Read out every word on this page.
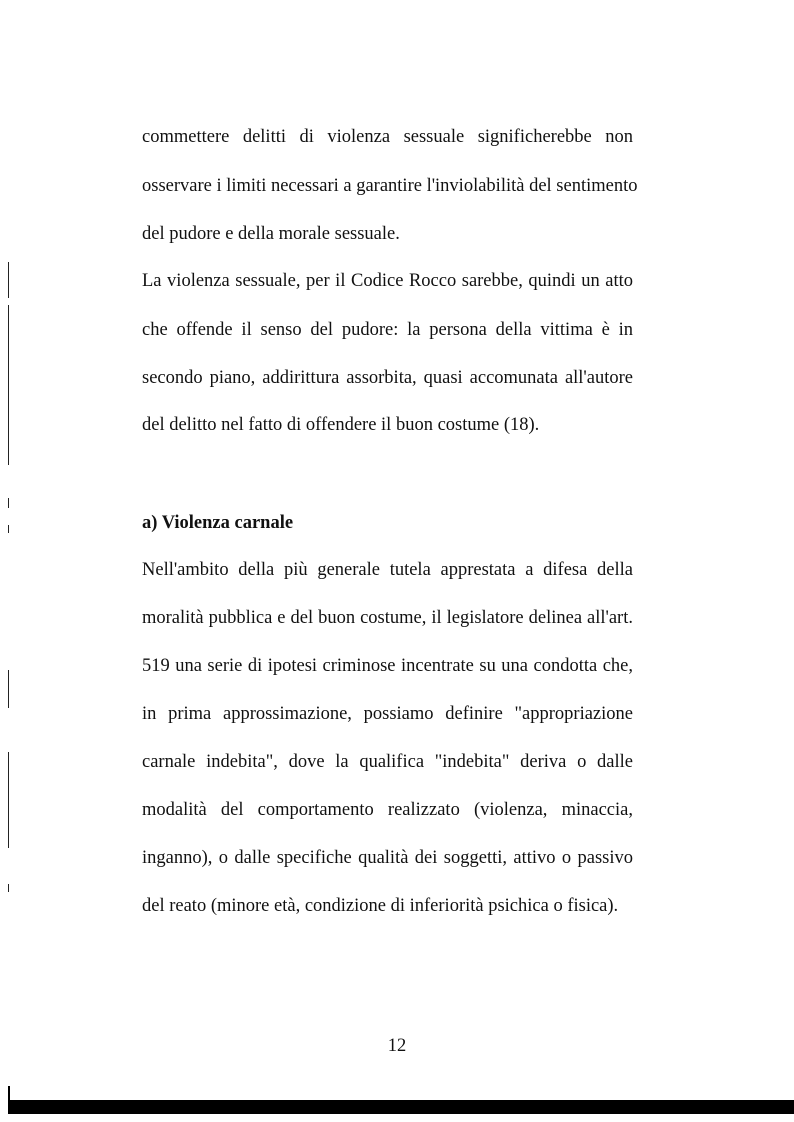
commettere delitti di violenza sessuale significherebbe non

osservare i limiti necessari a garantire l'inviolabilità del sentimento

del pudore e della morale sessuale.

La violenza sessuale, per il Codice Rocco sarebbe, quindi un atto

che offende il senso del pudore: la persona della vittima è in

secondo piano, addirittura assorbita, quasi accomunata all'autore

del delitto nel fatto di offendere il buon costume (18).

a) Violenza carnale

Nell'ambito della più generale tutela apprestata a difesa della

moralità pubblica e del buon costume, il legislatore delinea all'art.

519 una serie di ipotesi criminose incentrate su una condotta che,

in prima approssimazione, possiamo definire "appropriazione

carnale indebita", dove la qualifica "indebita" deriva o dalle

modalità del comportamento realizzato (violenza, minaccia,

inganno), o dalle specifiche qualità dei soggetti, attivo o passivo

del reato (minore età, condizione di inferiorità psichica o fisica).

12
